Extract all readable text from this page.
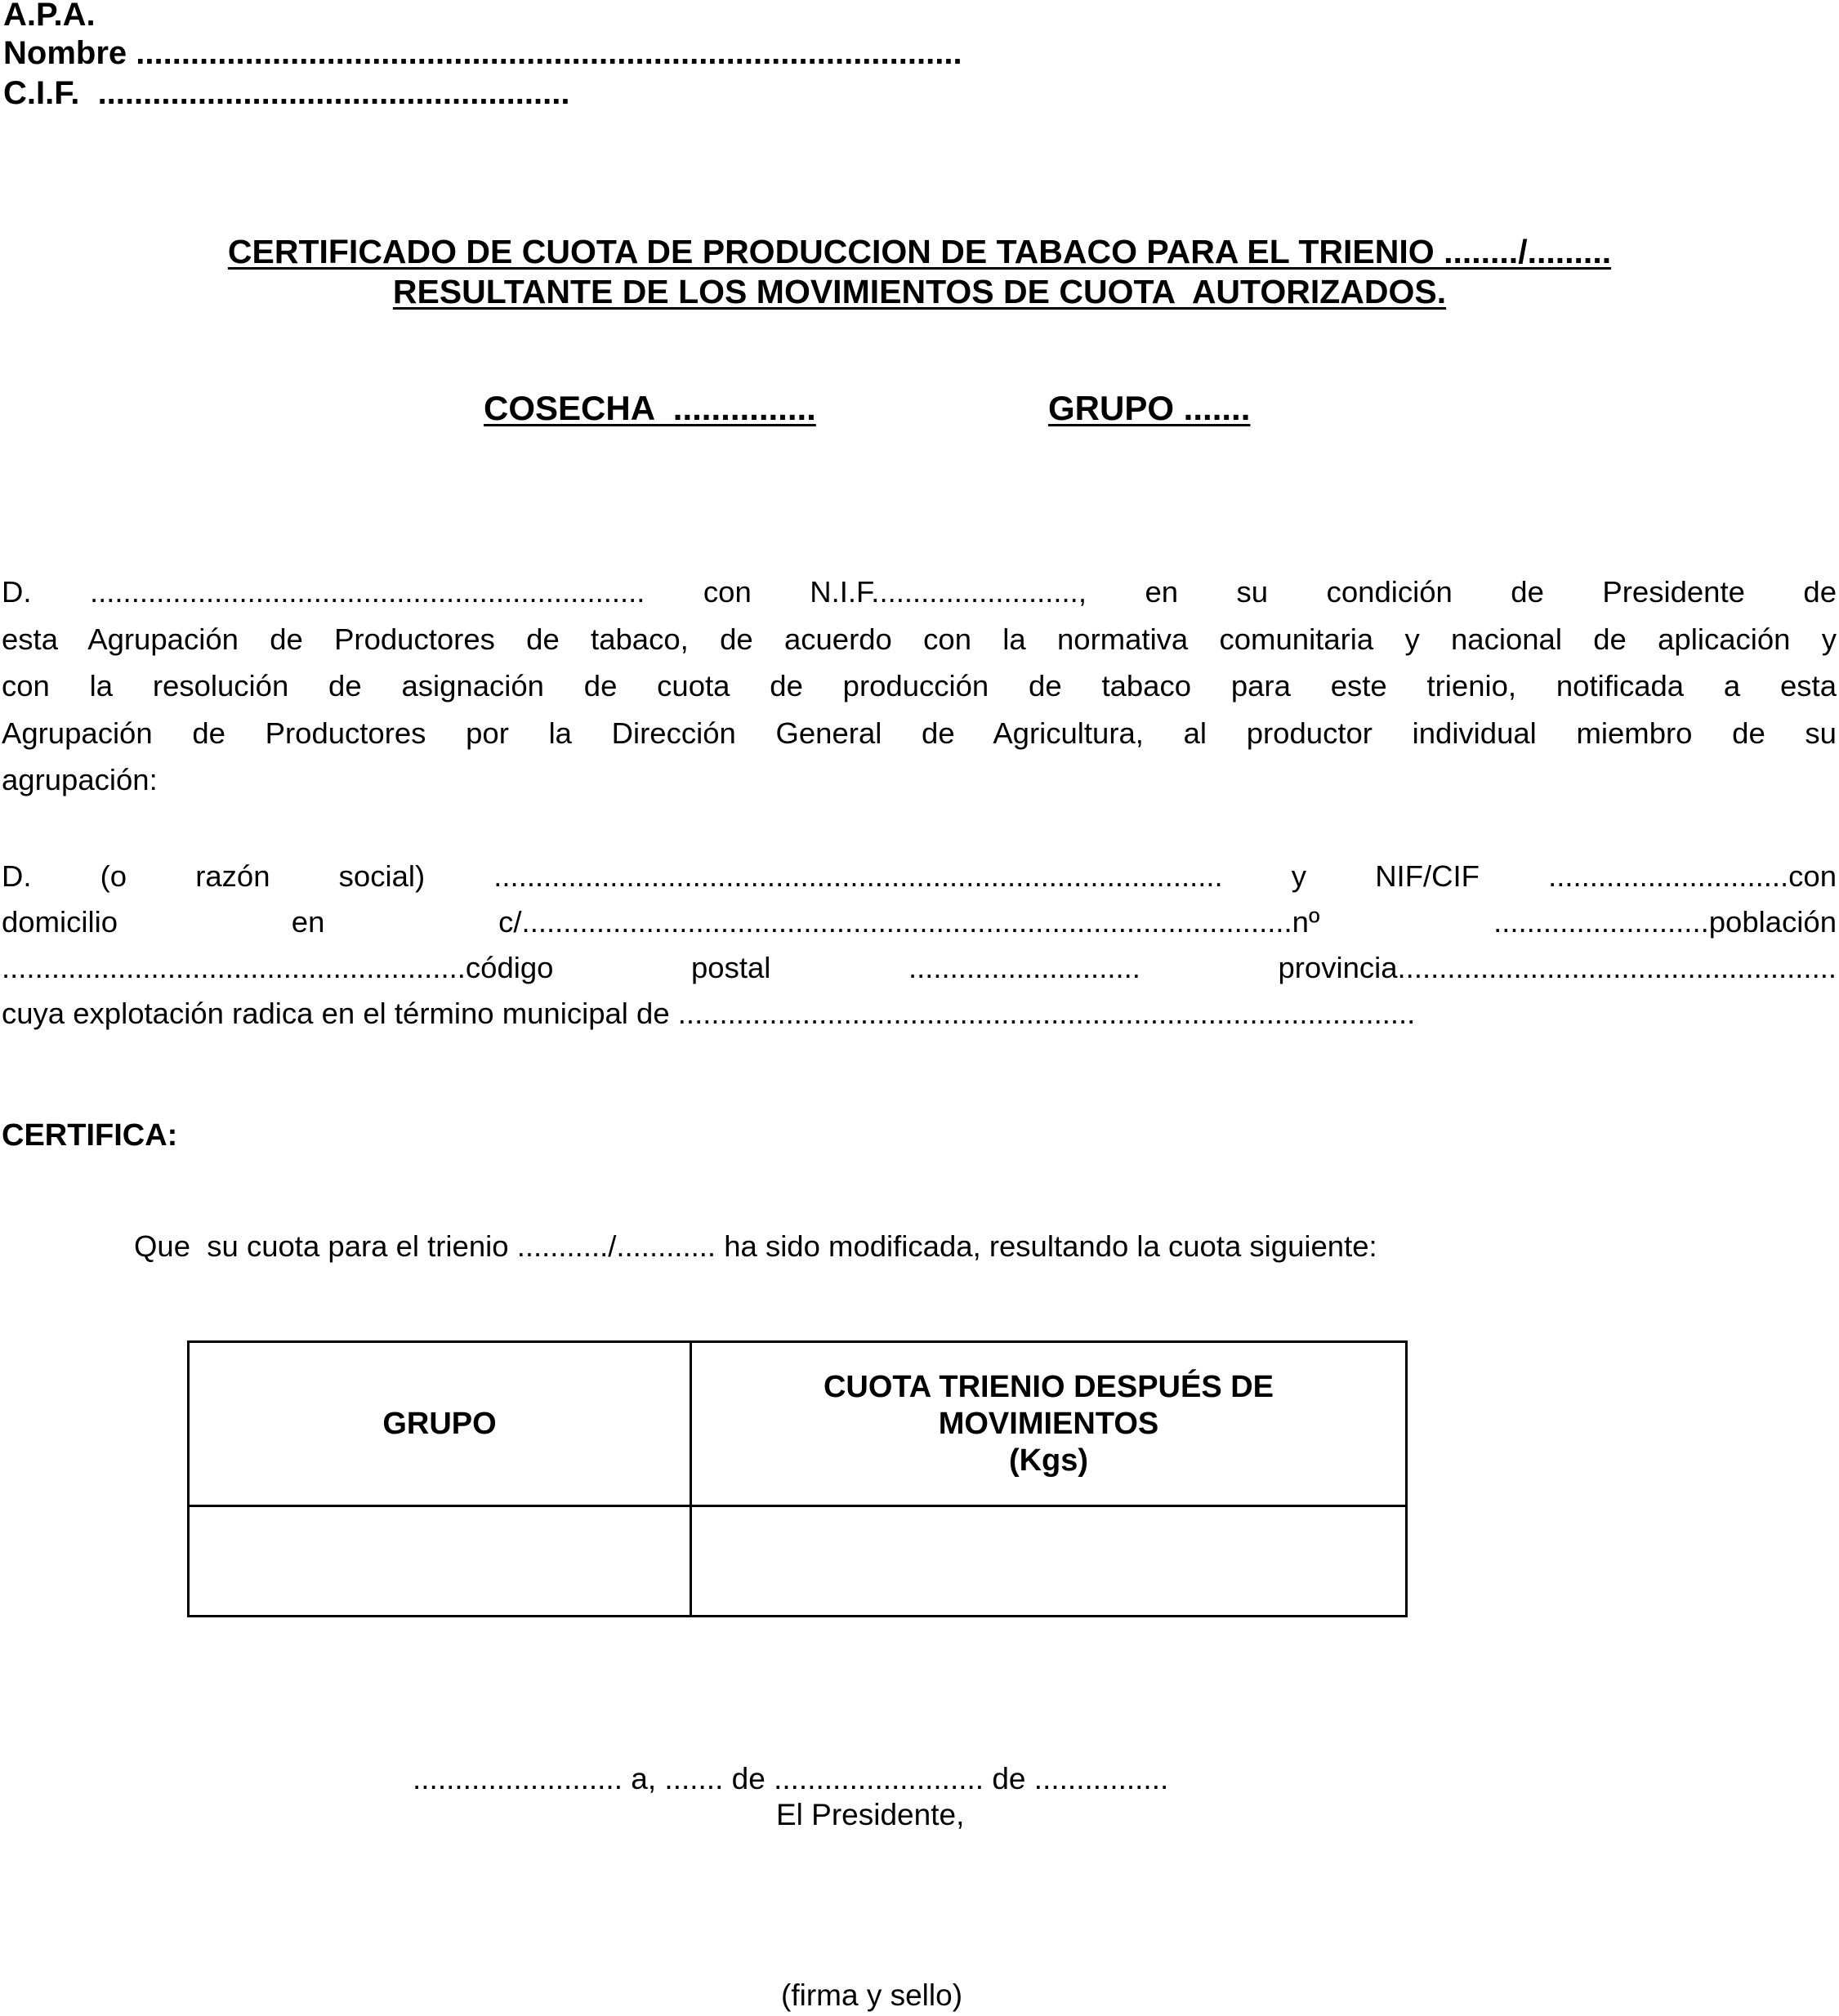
A.P.A.
Nombre ...........................................................................................
C.I.F.  ....................................................
CERTIFICADO DE CUOTA DE PRODUCCION DE TABACO PARA EL TRIENIO ......../.........
RESULTANTE DE LOS MOVIMIENTOS DE CUOTA  AUTORIZADOS.
COSECHA  ...............	GRUPO .......
D. ................................................................... con N.I.F........................., en su condición de Presidente de
esta Agrupación de Productores de tabaco, de acuerdo con la normativa comunitaria y nacional de aplicación y
con la resolución de asignación de cuota de producción de tabaco para este trienio, notificada a esta
Agrupación de Productores por la Dirección General de Agricultura, al productor individual miembro de su
agrupación:
D. (o razón social) ........................................................................................ y NIF/CIF .............................con
domicilio en c/.............................................................................................nº ..........................población
........................................................código postal ............................ provincia.....................................................
cuya explotación radica en el término municipal de .........................................................................................
CERTIFICA:
Que  su cuota para el trienio .........../............ ha sido modificada, resultando la cuota siguiente:
GRUPO	CUOTA TRIENIO DESPUÉS DE MOVIMIENTOS
(Kgs)

......................... a, ....... de ......................... de ................
El Presidente,
(firma y sello)
